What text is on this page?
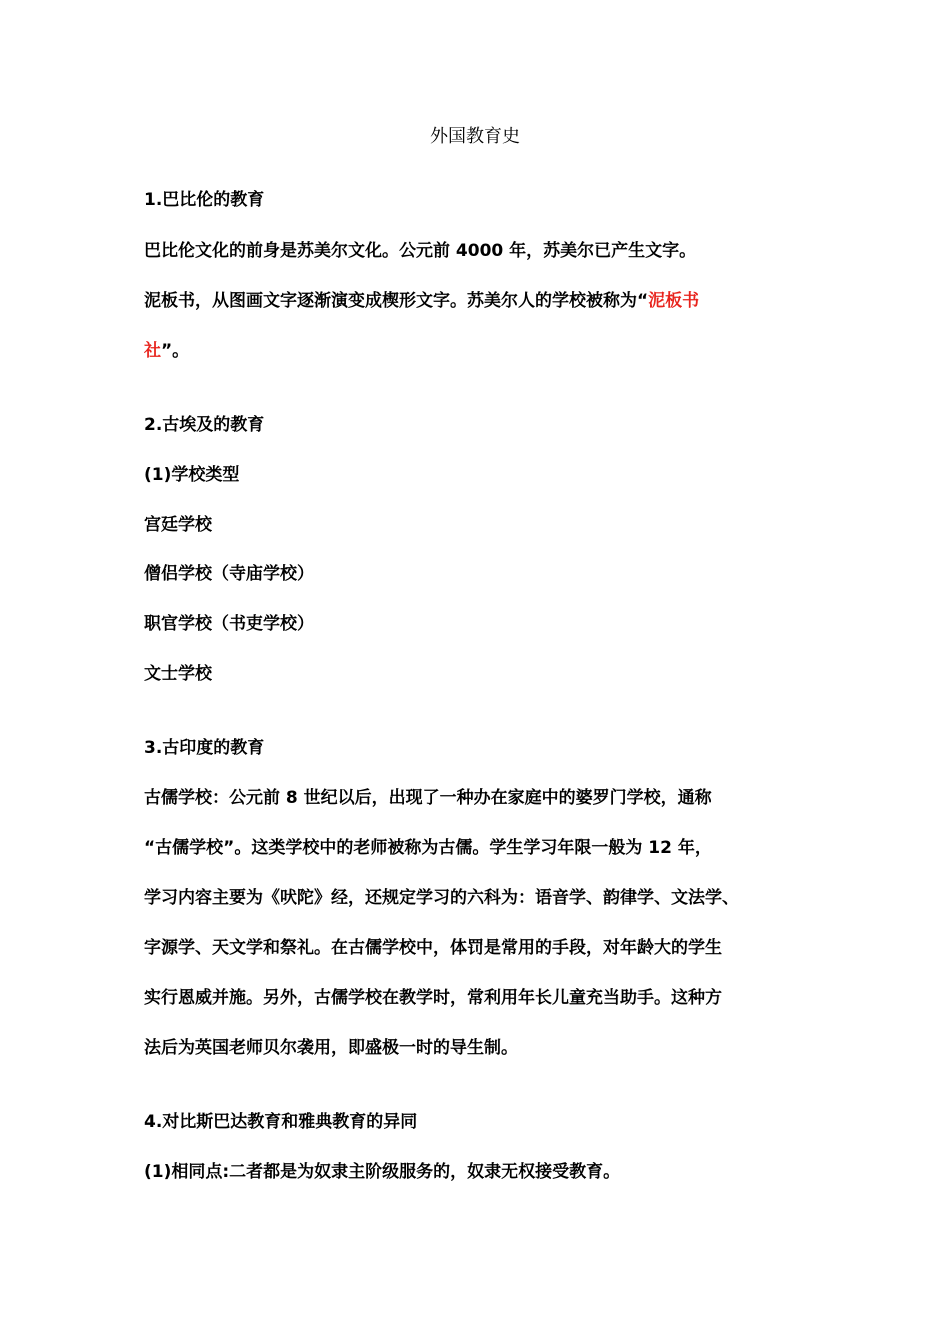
外国教育史
1.巴比伦的教育
巴比伦文化的前身是苏美尔文化。公元前 4000 年，苏美尔已产生文字。
泥板书，从图画文字逐渐演变成楔形文字。苏美尔人的学校被称为“泥板书
社”。
2.古埃及的教育
(1)学校类型
宫廷学校
僧侣学校（寺庙学校）
职官学校（书吏学校）
文士学校
3.古印度的教育
古儒学校：公元前 8 世纪以后，出现了一种办在家庭中的婆罗门学校，通称
“古儒学校”。这类学校中的老师被称为古儒。学生学习年限一般为 12 年，
学习内容主要为《吠陀》经，还规定学习的六科为：语音学、韵律学、文法学、
字源学、天文学和祭礼。在古儒学校中，体罚是常用的手段，对年龄大的学生
实行恩威并施。另外，古儒学校在教学时，常利用年长儿童充当助手。这种方
法后为英国老师贝尔袭用，即盛极一时的导生制。
4.对比斯巴达教育和雅典教育的异同
(1)相同点:二者都是为奴隶主阶级服务的，奴隶无权接受教育。
